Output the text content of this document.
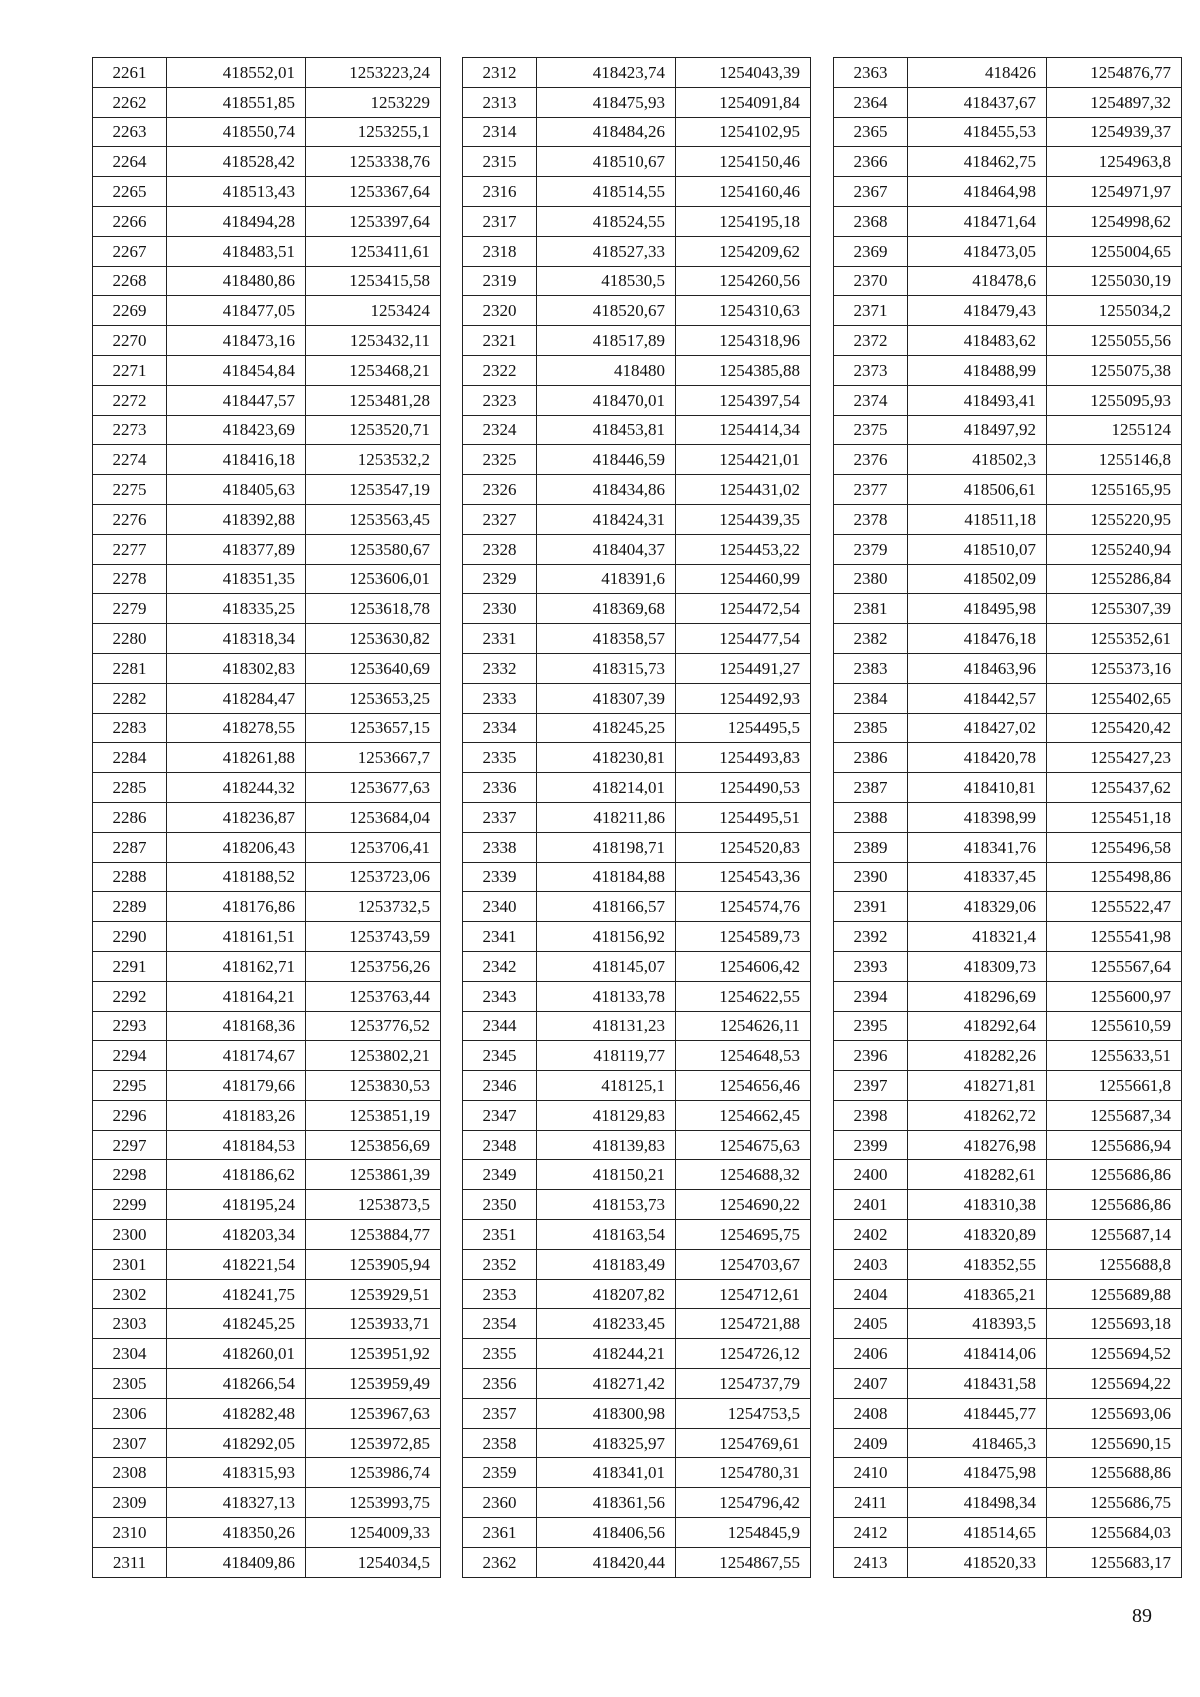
2261	418552,01	1253223,24
2262	418551,85	1253229
2263	418550,74	1253255,1
2264	418528,42	1253338,76
2265	418513,43	1253367,64
2266	418494,28	1253397,64
2267	418483,51	1253411,61
2268	418480,86	1253415,58
2269	418477,05	1253424
2270	418473,16	1253432,11
2271	418454,84	1253468,21
2272	418447,57	1253481,28
2273	418423,69	1253520,71
2274	418416,18	1253532,2
2275	418405,63	1253547,19
2276	418392,88	1253563,45
2277	418377,89	1253580,67
2278	418351,35	1253606,01
2279	418335,25	1253618,78
2280	418318,34	1253630,82
2281	418302,83	1253640,69
2282	418284,47	1253653,25
2283	418278,55	1253657,15
2284	418261,88	1253667,7
2285	418244,32	1253677,63
2286	418236,87	1253684,04
2287	418206,43	1253706,41
2288	418188,52	1253723,06
2289	418176,86	1253732,5
2290	418161,51	1253743,59
2291	418162,71	1253756,26
2292	418164,21	1253763,44
2293	418168,36	1253776,52
2294	418174,67	1253802,21
2295	418179,66	1253830,53
2296	418183,26	1253851,19
2297	418184,53	1253856,69
2298	418186,62	1253861,39
2299	418195,24	1253873,5
2300	418203,34	1253884,77
2301	418221,54	1253905,94
2302	418241,75	1253929,51
2303	418245,25	1253933,71
2304	418260,01	1253951,92
2305	418266,54	1253959,49
2306	418282,48	1253967,63
2307	418292,05	1253972,85
2308	418315,93	1253986,74
2309	418327,13	1253993,75
2310	418350,26	1254009,33
2311	418409,86	1254034,5
2312	418423,74	1254043,39
2313	418475,93	1254091,84
2314	418484,26	1254102,95
2315	418510,67	1254150,46
2316	418514,55	1254160,46
2317	418524,55	1254195,18
2318	418527,33	1254209,62
2319	418530,5	1254260,56
2320	418520,67	1254310,63
2321	418517,89	1254318,96
2322	418480	1254385,88
2323	418470,01	1254397,54
2324	418453,81	1254414,34
2325	418446,59	1254421,01
2326	418434,86	1254431,02
2327	418424,31	1254439,35
2328	418404,37	1254453,22
2329	418391,6	1254460,99
2330	418369,68	1254472,54
2331	418358,57	1254477,54
2332	418315,73	1254491,27
2333	418307,39	1254492,93
2334	418245,25	1254495,5
2335	418230,81	1254493,83
2336	418214,01	1254490,53
2337	418211,86	1254495,51
2338	418198,71	1254520,83
2339	418184,88	1254543,36
2340	418166,57	1254574,76
2341	418156,92	1254589,73
2342	418145,07	1254606,42
2343	418133,78	1254622,55
2344	418131,23	1254626,11
2345	418119,77	1254648,53
2346	418125,1	1254656,46
2347	418129,83	1254662,45
2348	418139,83	1254675,63
2349	418150,21	1254688,32
2350	418153,73	1254690,22
2351	418163,54	1254695,75
2352	418183,49	1254703,67
2353	418207,82	1254712,61
2354	418233,45	1254721,88
2355	418244,21	1254726,12
2356	418271,42	1254737,79
2357	418300,98	1254753,5
2358	418325,97	1254769,61
2359	418341,01	1254780,31
2360	418361,56	1254796,42
2361	418406,56	1254845,9
2362	418420,44	1254867,55
2363	418426	1254876,77
2364	418437,67	1254897,32
2365	418455,53	1254939,37
2366	418462,75	1254963,8
2367	418464,98	1254971,97
2368	418471,64	1254998,62
2369	418473,05	1255004,65
2370	418478,6	1255030,19
2371	418479,43	1255034,2
2372	418483,62	1255055,56
2373	418488,99	1255075,38
2374	418493,41	1255095,93
2375	418497,92	1255124
2376	418502,3	1255146,8
2377	418506,61	1255165,95
2378	418511,18	1255220,95
2379	418510,07	1255240,94
2380	418502,09	1255286,84
2381	418495,98	1255307,39
2382	418476,18	1255352,61
2383	418463,96	1255373,16
2384	418442,57	1255402,65
2385	418427,02	1255420,42
2386	418420,78	1255427,23
2387	418410,81	1255437,62
2388	418398,99	1255451,18
2389	418341,76	1255496,58
2390	418337,45	1255498,86
2391	418329,06	1255522,47
2392	418321,4	1255541,98
2393	418309,73	1255567,64
2394	418296,69	1255600,97
2395	418292,64	1255610,59
2396	418282,26	1255633,51
2397	418271,81	1255661,8
2398	418262,72	1255687,34
2399	418276,98	1255686,94
2400	418282,61	1255686,86
2401	418310,38	1255686,86
2402	418320,89	1255687,14
2403	418352,55	1255688,8
2404	418365,21	1255689,88
2405	418393,5	1255693,18
2406	418414,06	1255694,52
2407	418431,58	1255694,22
2408	418445,77	1255693,06
2409	418465,3	1255690,15
2410	418475,98	1255688,86
2411	418498,34	1255686,75
2412	418514,65	1255684,03
2413	418520,33	1255683,17
89
